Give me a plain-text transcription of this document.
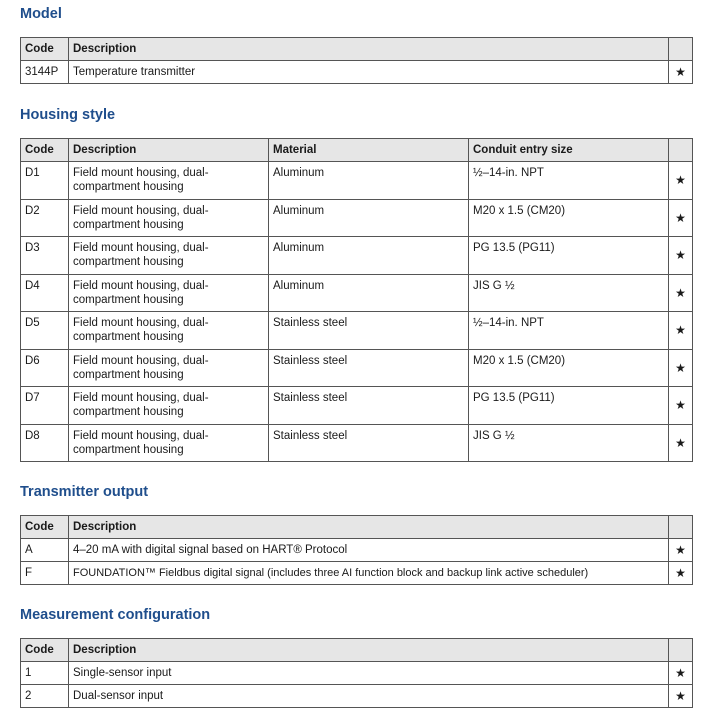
Model
Code	Description	
3144P	Temperature transmitter	★
Housing style
Code	Description	Material	Conduit entry size	
D1	Field mount housing, dual-
compartment housing	Aluminum	½–14-in. NPT	★
D2	Field mount housing, dual-
compartment housing	Aluminum	M20 x 1.5 (CM20)	★
D3	Field mount housing, dual-
compartment housing	Aluminum	PG 13.5 (PG11)	★
D4	Field mount housing, dual-
compartment housing	Aluminum	JIS G ½	★
D5	Field mount housing, dual-
compartment housing	Stainless steel	½–14-in. NPT	★
D6	Field mount housing, dual-
compartment housing	Stainless steel	M20 x 1.5 (CM20)	★
D7	Field mount housing, dual-
compartment housing	Stainless steel	PG 13.5 (PG11)	★
D8	Field mount housing, dual-
compartment housing	Stainless steel	JIS G ½	★
Transmitter output
Code	Description	
A	4–20 mA with digital signal based on HART® Protocol	★
F	FOUNDATION™ Fieldbus digital signal (includes three AI function block and backup link active scheduler)	★
Measurement configuration
Code	Description	
1	Single-sensor input	★
2	Dual-sensor input	★
